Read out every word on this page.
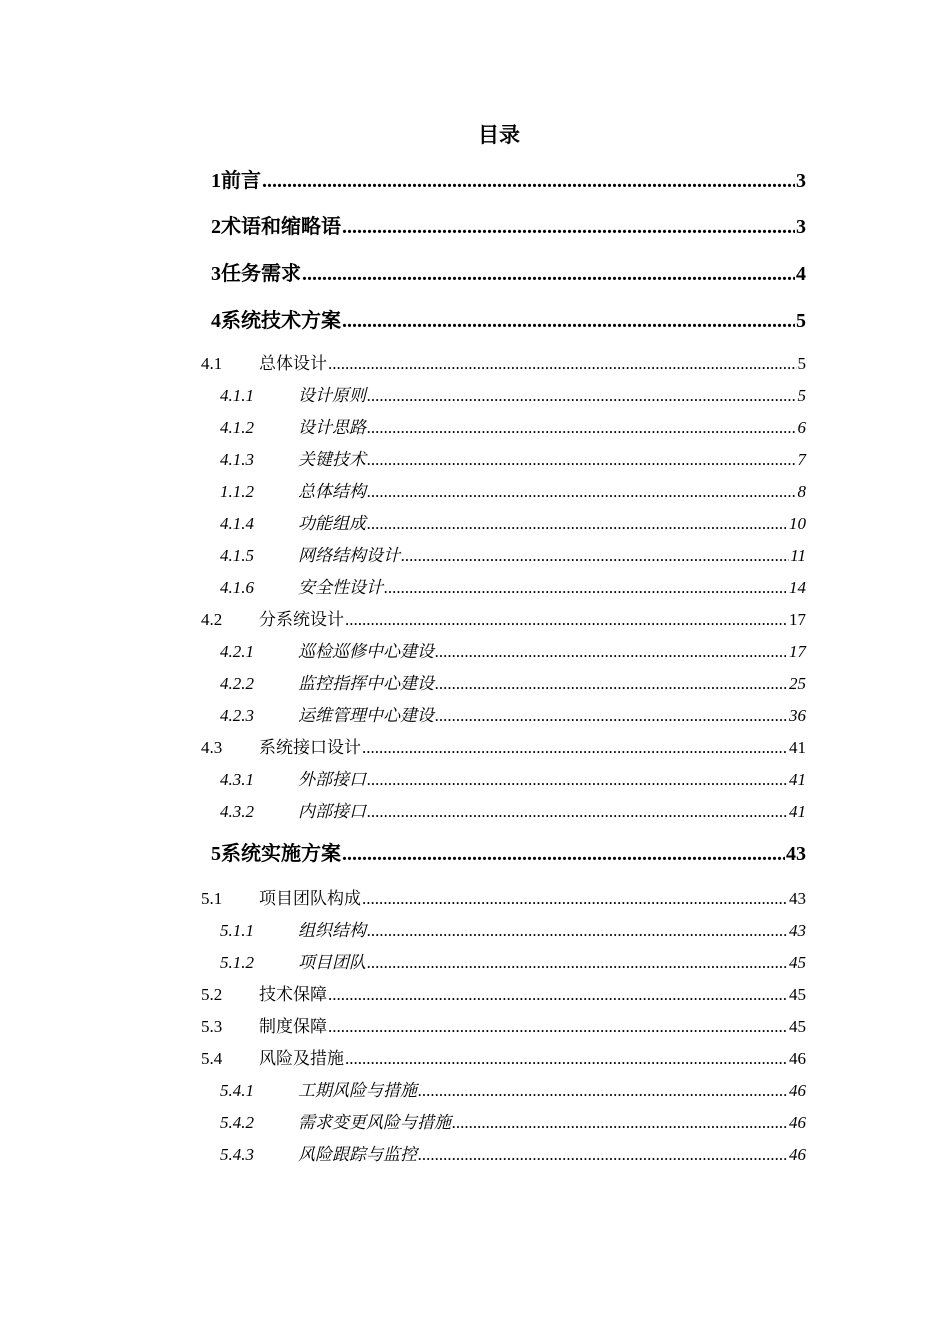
目录
1 前言 .....	3
2 术语和缩略语 .....	3
3 任务需求 .....	4
4 系统技术方案 .....	5
4.1	总体设计 .....	5
4.1.1	设计原则 .....	5
4.1.2	设计思路 .....	6
4.1.3	关键技术 .....	7
1.1.2	总体结构 .....	8
4.1.4	功能组成 .....	10
4.1.5	网络结构设计 .....	11
4.1.6	安全性设计 .....	14
4.2	分系统设计 .....	17
4.2.1	巡检巡修中心建设 .....	17
4.2.2	监控指挥中心建设 .....	25
4.2.3	运维管理中心建设 .....	36
4.3	系统接口设计 .....	41
4.3.1	外部接口 .....	41
4.3.2	内部接口 .....	41
5 系统实施方案 .....	43
5.1	项目团队构成 .....	43
5.1.1	组织结构 .....	43
5.1.2	项目团队 .....	45
5.2	技术保障 .....	45
5.3	制度保障 .....	45
5.4	风险及措施 .....	46
5.4.1	工期风险与措施 .....	46
5.4.2	需求变更风险与措施 .....	46
5.4.3	风险跟踪与监控 .....	46
